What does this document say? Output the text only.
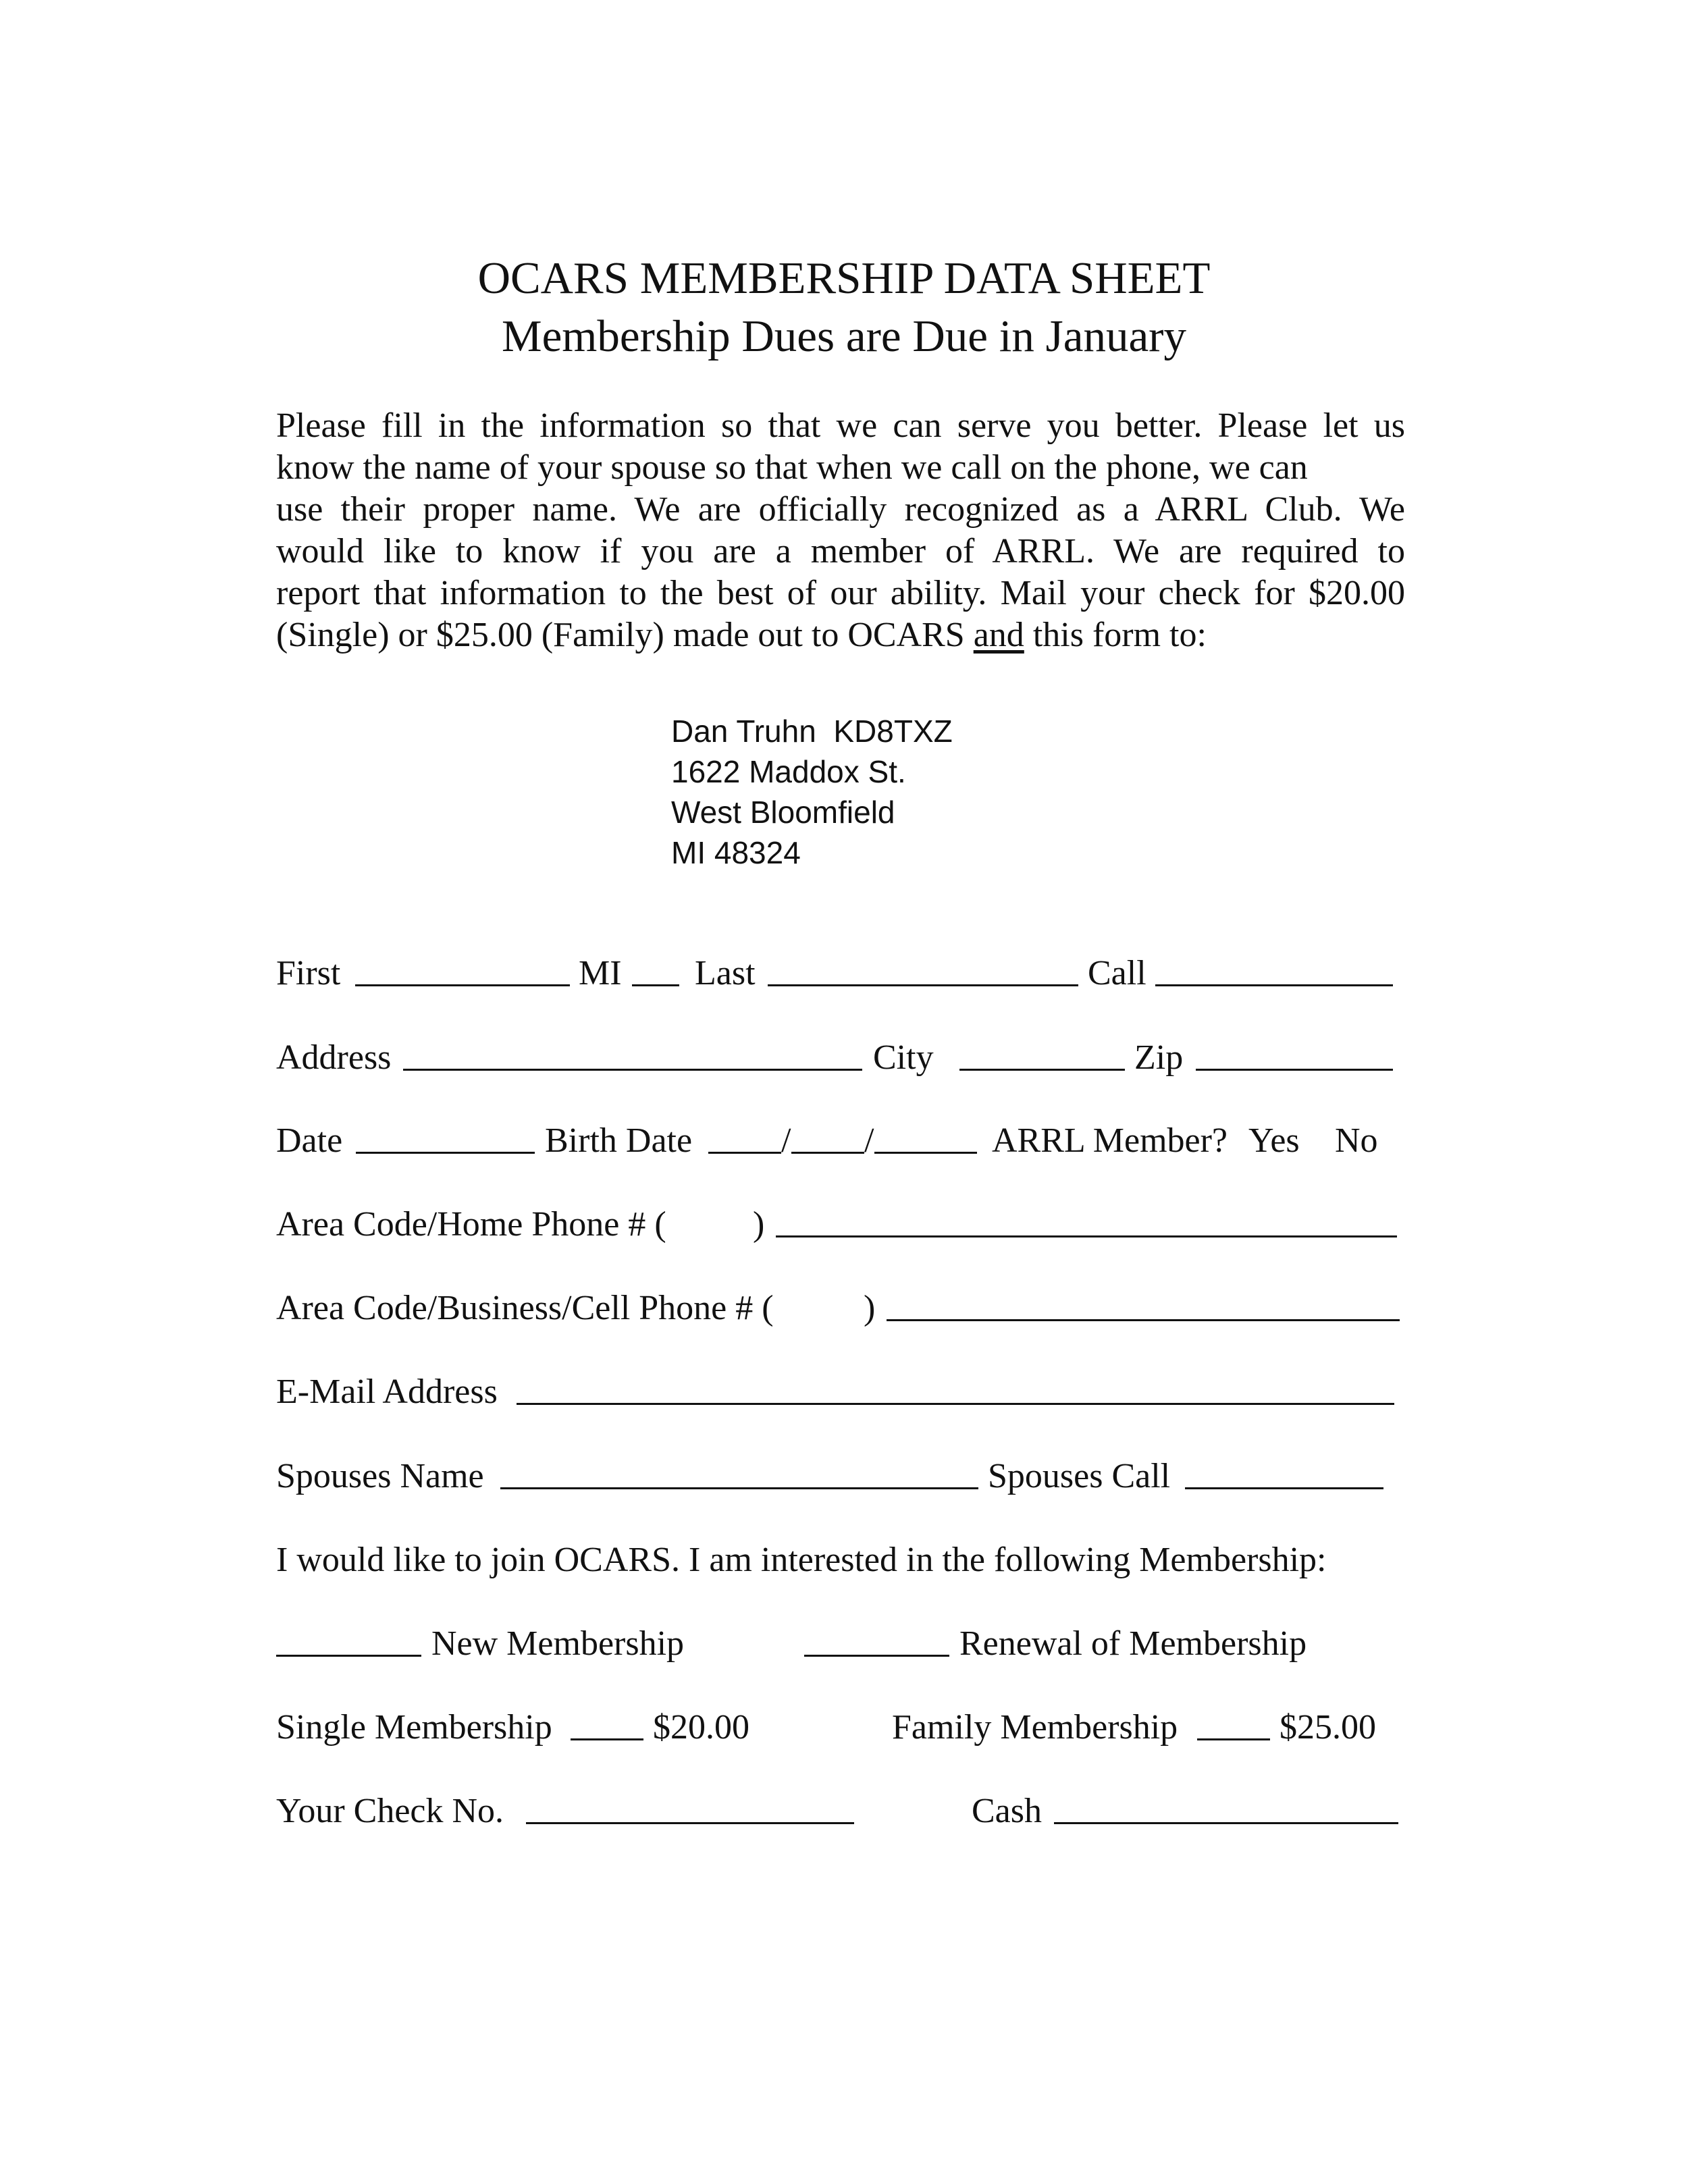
OCARS MEMBERSHIP DATA SHEET
Membership Dues are Due in January
Please fill in the information so that we can serve you better. Please let us
know the name of your spouse so that when we call on the phone, we can
use their proper name. We are officially recognized as a ARRL Club. We
would like to know if you are a member of ARRL. We are required to
report that information to the best of our ability. Mail your check for $20.00
(Single) or $25.00 (Family) made out to OCARS and this form to:
Dan Truhn  KD8TXZ
1622 Maddox St.
West Bloomfield
MI 48324
First	MI Last	Call
Address	City	Zip
Date	Birth Date	/ /	ARRL Member? Yes No
Area Code/Home Phone # ( )
Area Code/Business/Cell Phone # (	)
E-Mail Address
Spouses Name	Spouses Call
I would like to join OCARS. I am interested in the following Membership:
New Membership	Renewal of Membership
Single Membership	$20.00	Family Membership	$25.00
Your Check No.	Cash
